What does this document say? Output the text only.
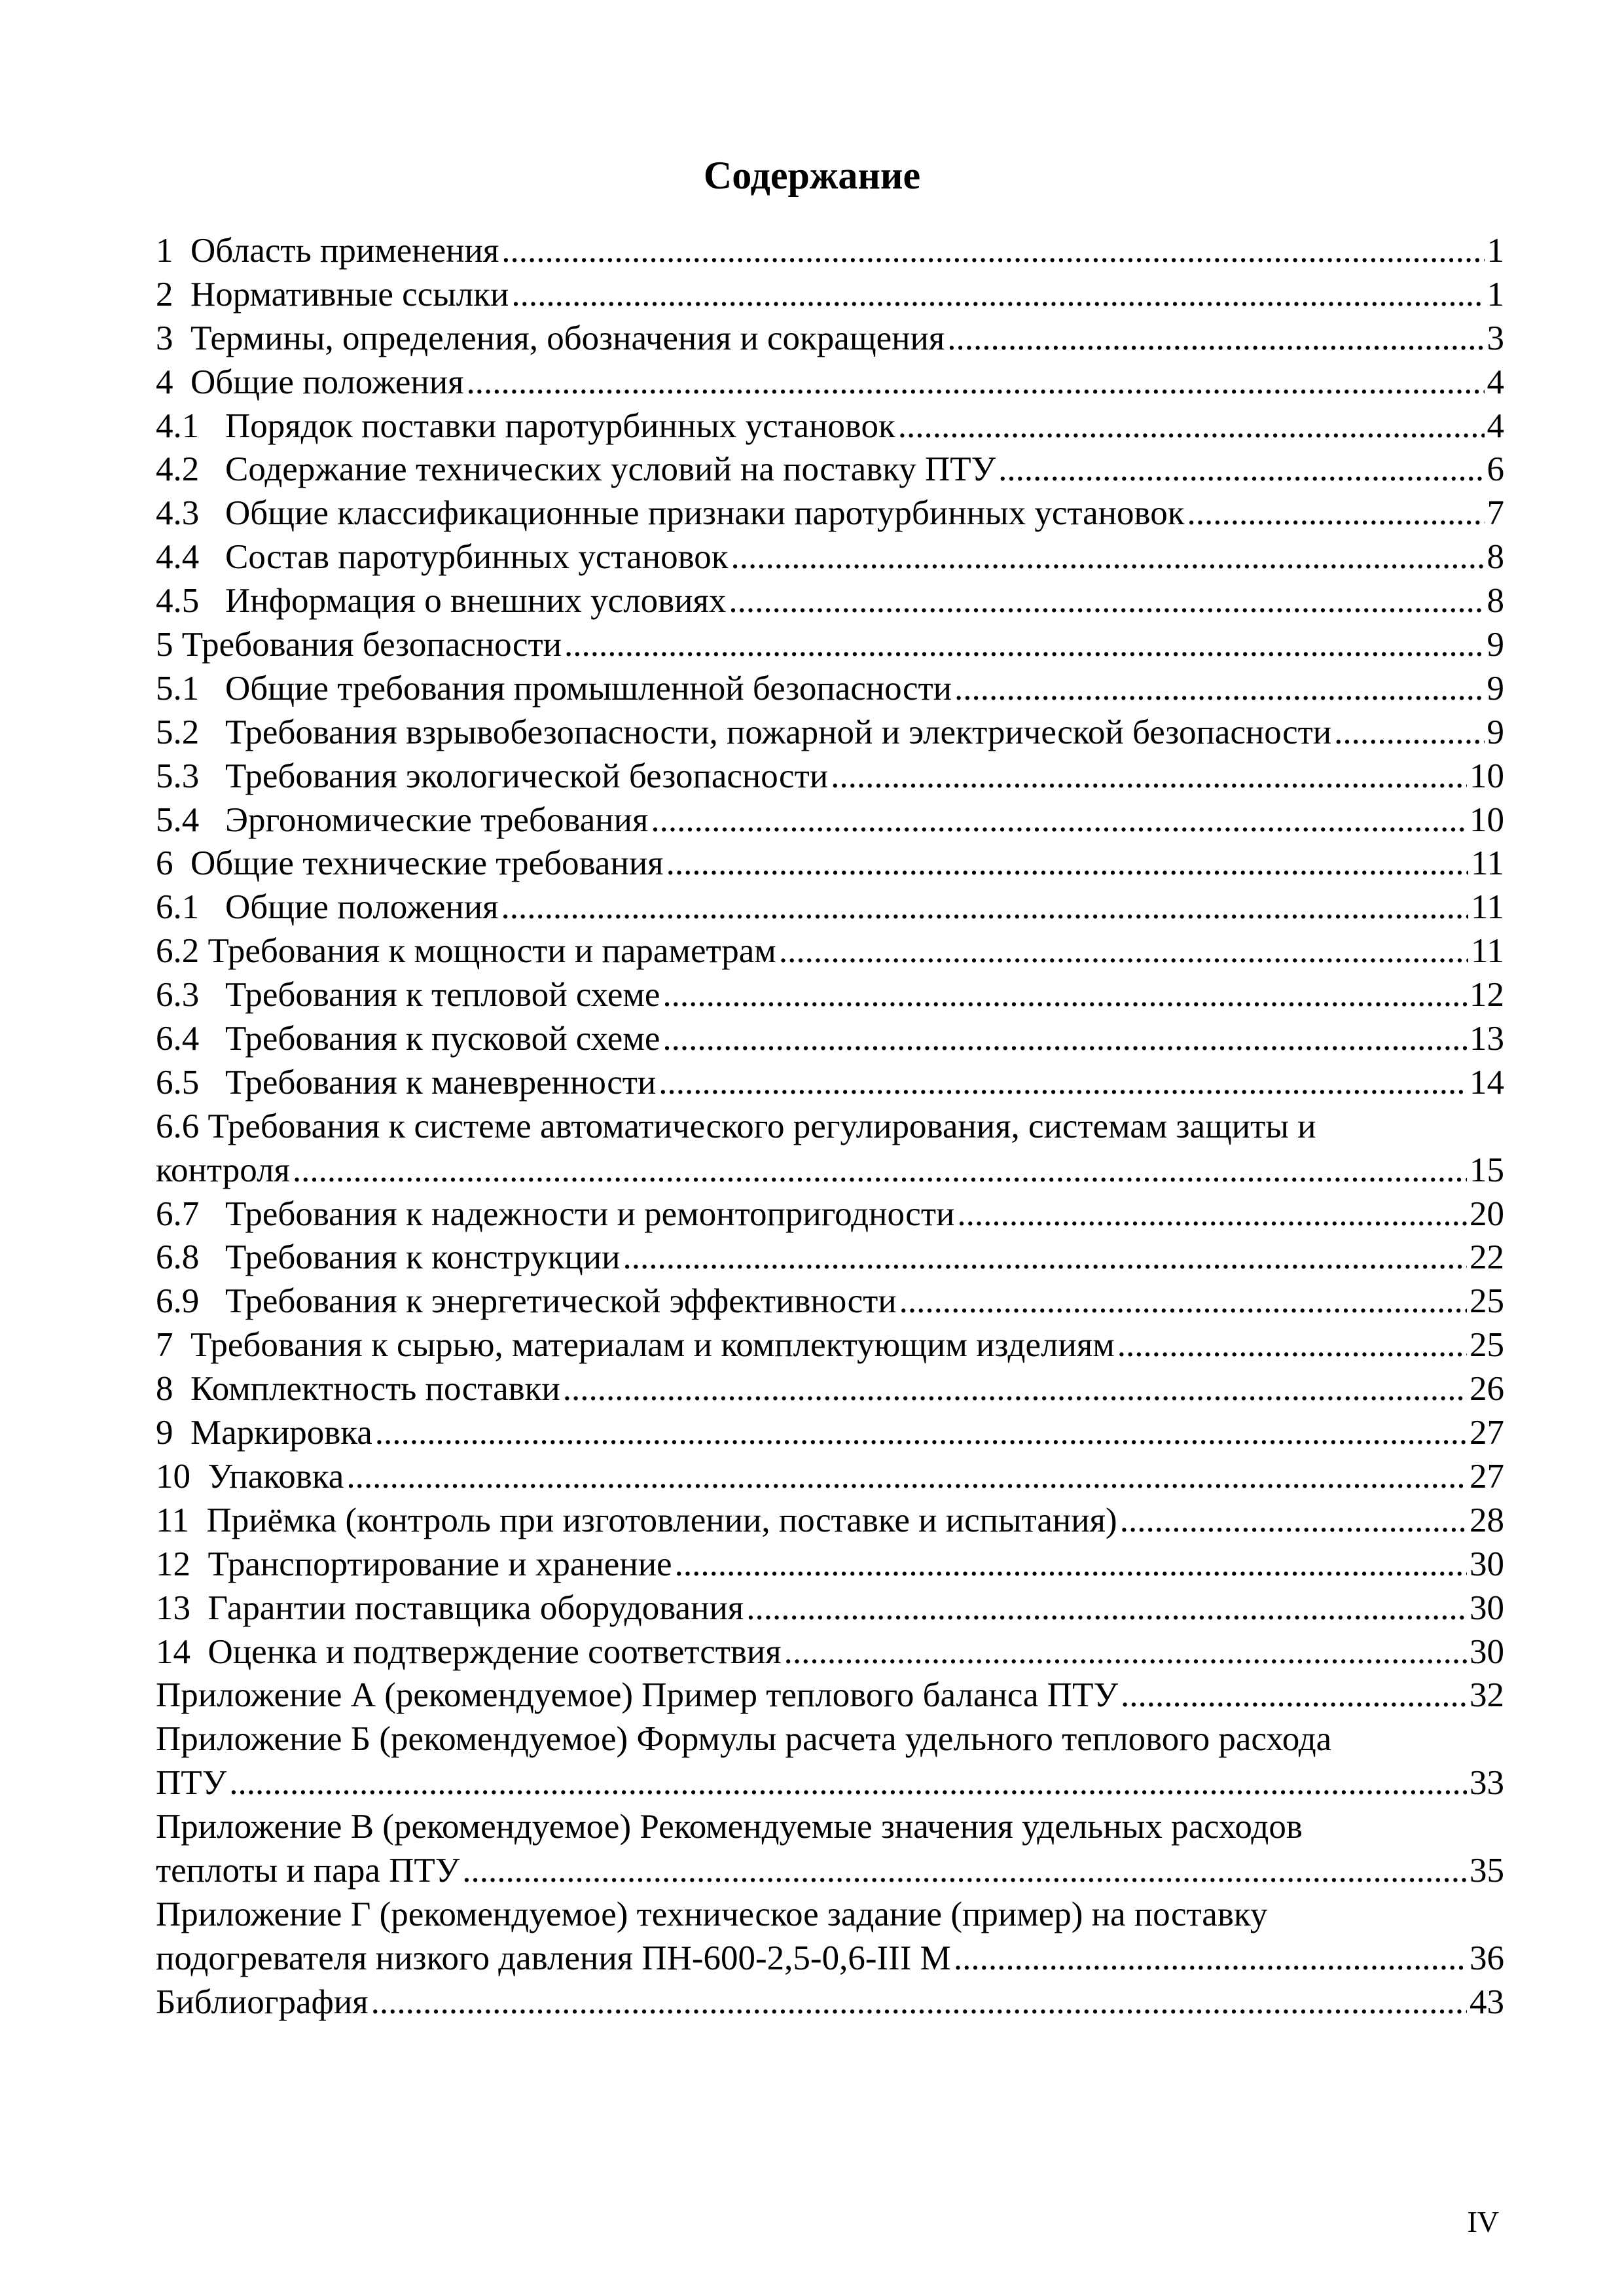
Содержание
1  Область применения .....	1
2  Нормативные ссылки .....	1
3  Термины, определения, обозначения и сокращения .....	3
4  Общие положения .....	4
4.1   Порядок поставки паротурбинных установок .....	4
4.2   Содержание технических условий на поставку ПТУ .....	6
4.3   Общие классификационные признаки паротурбинных установок .....	7
4.4   Состав паротурбинных установок .....	8
4.5   Информация о внешних условиях .....	8
5 Требования безопасности .....	9
5.1   Общие требования промышленной безопасности .....	9
5.2   Требования взрывобезопасности, пожарной и электрической безопасности .....	9
5.3   Требования экологической безопасности .....	10
5.4   Эргономические требования .....	10
6  Общие технические требования .....	11
6.1   Общие положения .....	11
6.2 Требования к мощности и параметрам .....	11
6.3   Требования к тепловой схеме .....	12
6.4   Требования к пусковой схеме .....	13
6.5   Требования к маневренности .....	14
6.6 Требования к системе автоматического регулирования, системам защиты и
контроля .....	15
6.7   Требования к надежности и ремонтопригодности .....	20
6.8   Требования к конструкции .....	22
6.9   Требования к энергетической эффективности .....	25
7  Требования к сырью, материалам и комплектующим изделиям .....	25
8  Комплектность поставки .....	26
9  Маркировка .....	27
10  Упаковка .....	27
11  Приёмка (контроль при изготовлении, поставке и испытания) .....	28
12  Транспортирование и хранение .....	30
13  Гарантии поставщика оборудования .....	30
14  Оценка и подтверждение соответствия .....	30
Приложение А (рекомендуемое) Пример теплового баланса ПТУ .....	32
Приложение Б (рекомендуемое) Формулы расчета удельного теплового расхода
ПТУ .....	33
Приложение В (рекомендуемое) Рекомендуемые значения удельных расходов
теплоты и пара ПТУ .....	35
Приложение Г (рекомендуемое) техническое задание (пример) на поставку
подогревателя низкого давления ПН-600-2,5-0,6-III М .....	36
Библиография .....	43
IV
